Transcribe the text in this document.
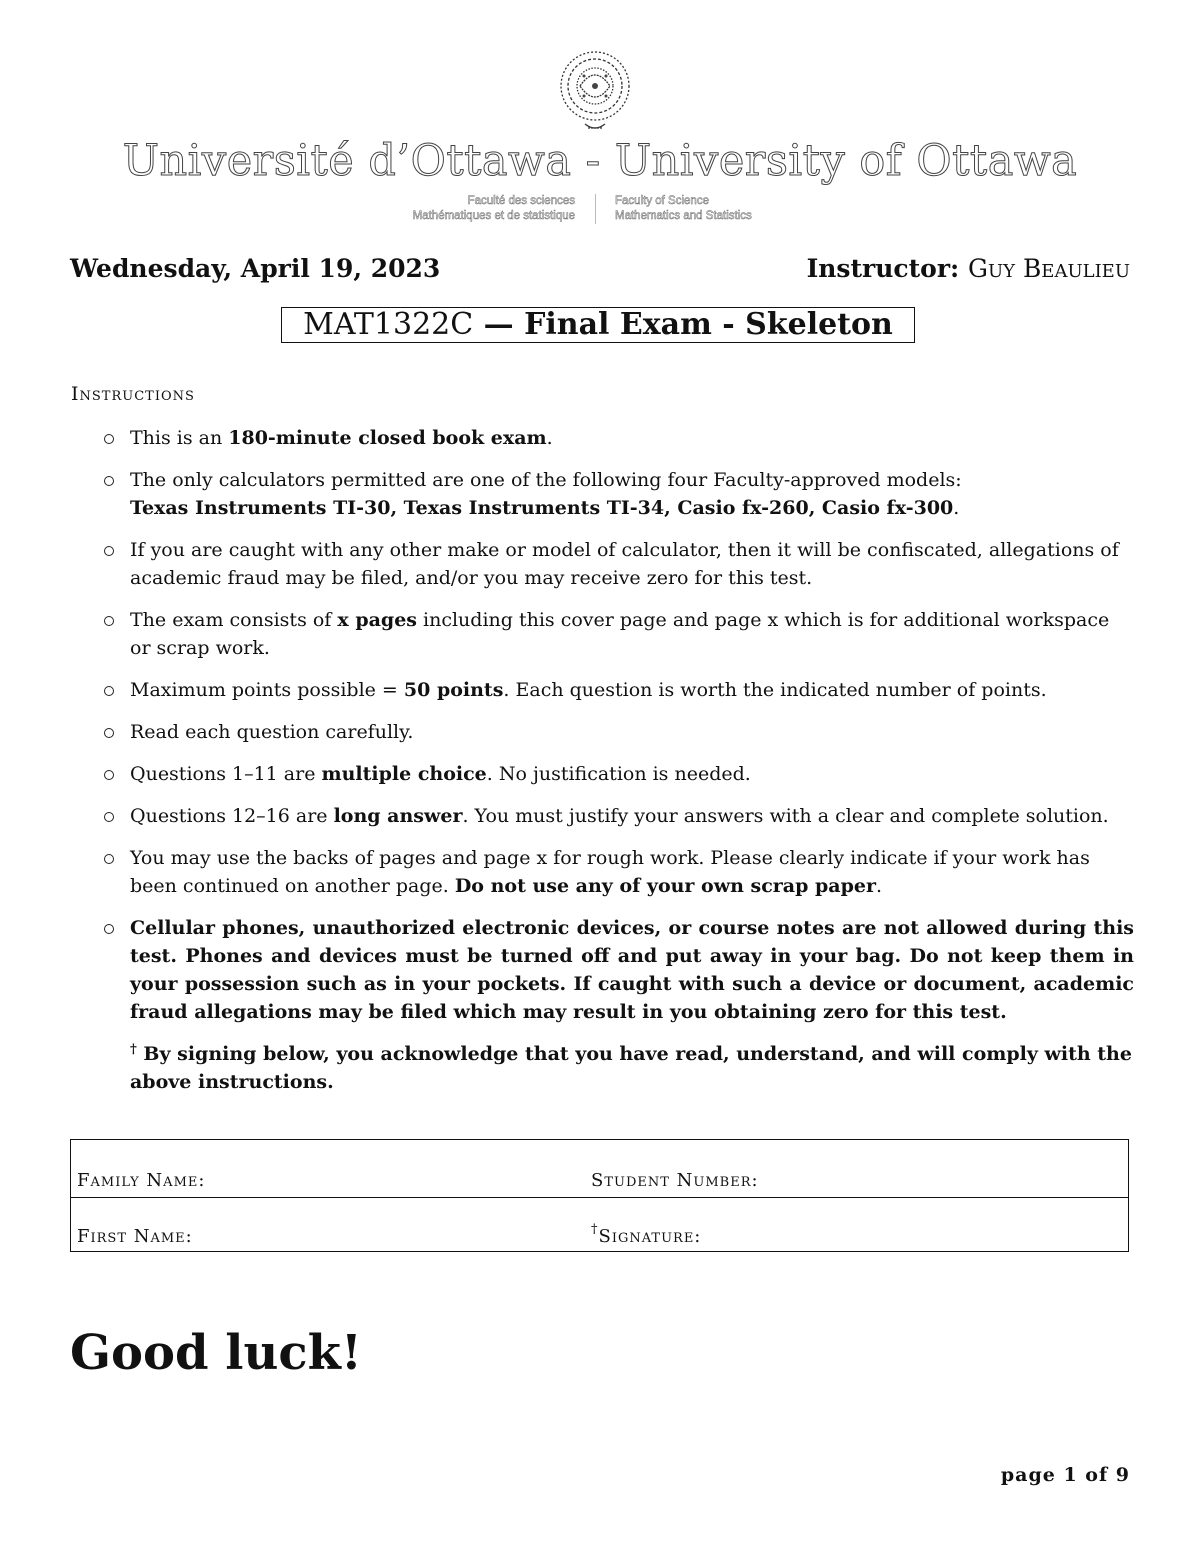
Université d’Ottawa - University of Ottawa
Faculté des sciences
Mathématiques et de statistique
Faculty of Science
Mathematics and Statistics
Wednesday, April 19, 2023	Instructor: Guy Beaulieu
MAT1322C — Final Exam - Skeleton
Instructions
This is an 180-minute closed book exam.
The only calculators permitted are one of the following four Faculty-approved models:
Texas Instruments TI-30, Texas Instruments TI-34, Casio fx-260, Casio fx-300.
If you are caught with any other make or model of calculator, then it will be confiscated, allegations of academic fraud may be filed, and/or you may receive zero for this test.
The exam consists of x pages including this cover page and page x which is for additional workspace or scrap work.
Maximum points possible = 50 points. Each question is worth the indicated number of points.
Read each question carefully.
Questions 1–11 are multiple choice. No justification is needed.
Questions 12–16 are long answer. You must justify your answers with a clear and complete solution.
You may use the backs of pages and page x for rough work. Please clearly indicate if your work has been continued on another page. Do not use any of your own scrap paper.
Cellular phones, unauthorized electronic devices, or course notes are not allowed during this test. Phones and devices must be turned off and put away in your bag. Do not keep them in your possession such as in your pockets. If caught with such a device or document, academic fraud allegations may be filed which may result in you obtaining zero for this test.
† By signing below, you acknowledge that you have read, understand, and will comply with the above instructions.
Family Name:	Student Number:
First Name:	†Signature:
Good luck!
page 1 of 9
